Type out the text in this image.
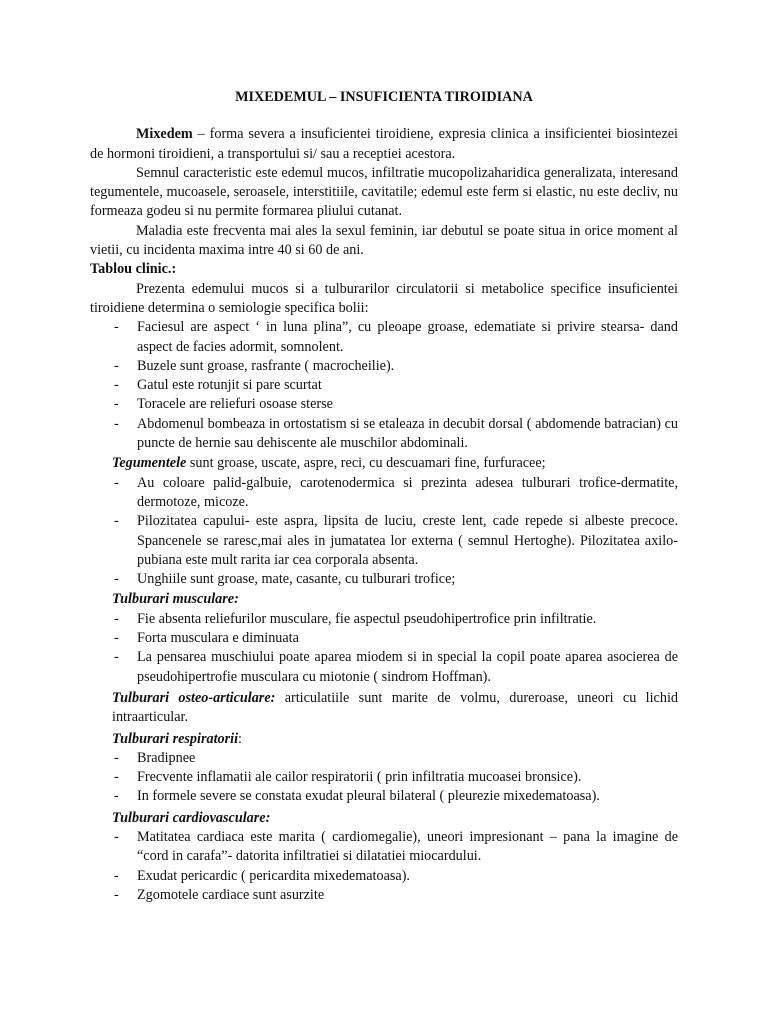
MIXEDEMUL – INSUFICIENTA TIROIDIANA

Mixedem – forma severa a insuficientei tiroidiene, expresia clinica a insificientei biosintezei de hormoni tiroidieni, a transportului si/ sau a receptiei acestora.

Semnul caracteristic este edemul mucos, infiltratie mucopolizaharidica generalizata, interesand tegumentele, mucoasele, seroasele, interstitiile, cavitatile; edemul este ferm si elastic, nu este decliv, nu formeaza godeu si nu permite formarea pliului cutanat.

Maladia este frecventa mai ales la sexul feminin, iar debutul se poate situa in orice moment al vietii, cu incidenta maxima intre 40 si 60 de ani.

Tablou clinic.:

Prezenta edemului mucos si a tulburarilor circulatorii si metabolice specifice insuficientei tiroidiene determina o semiologie specifica bolii:

- Faciesul are aspect ‘ in luna plina”, cu pleoape groase, edematiate si privire stearsa- dand aspect de facies adormit, somnolent.
- Buzele sunt groase, rasfrante ( macrocheilie).
- Gatul este rotunjit si pare scurtat
- Toracele are reliefuri osoase sterse
- Abdomenul bombeaza in ortostatism si se etaleaza in decubit dorsal ( abdomende batracian) cu puncte de hernie sau dehiscente ale muschilor abdominali.

Tegumentele sunt groase, uscate, aspre, reci, cu descuamari fine, furfuracee;

- Au coloare palid-galbuie, carotenodermica si prezinta adesea tulburari trofice-dermatite, dermotoze, micoze.
- Pilozitatea capului- este aspra, lipsita de luciu, creste lent, cade repede si albeste precoce. Spancenele se raresc,mai ales in jumatatea lor externa ( semnul Hertoghe). Pilozitatea axilo-pubiana este mult rarita iar cea corporala absenta.
- Unghiile sunt groase, mate, casante, cu tulburari trofice;

Tulburari musculare:

- Fie absenta reliefurilor musculare, fie aspectul pseudohipertrofice prin infiltratie.
- Forta musculara e diminuata
- La pensarea muschiului poate aparea miodem si in special la copil poate aparea asocierea de pseudohipertrofie musculara cu miotonie ( sindrom Hoffman).

Tulburari osteo-articulare: articulatiile sunt marite de volmu, dureroase, uneori cu lichid intraarticular.

Tulburari respiratorii:

- Bradipnee
- Frecvente inflamatii ale cailor respiratorii ( prin infiltratia mucoasei bronsice).
- In formele severe se constata exudat pleural bilateral ( pleurezie mixedematoasa).

Tulburari cardiovasculare:

- Matitatea cardiaca este marita ( cardiomegalie), uneori impresionant – pana la imagine de “cord in carafa”- datorita infiltratiei si dilatatiei miocardului.
- Exudat pericardic ( pericardita mixedematoasa).
- Zgomotele cardiace sunt asurzite
